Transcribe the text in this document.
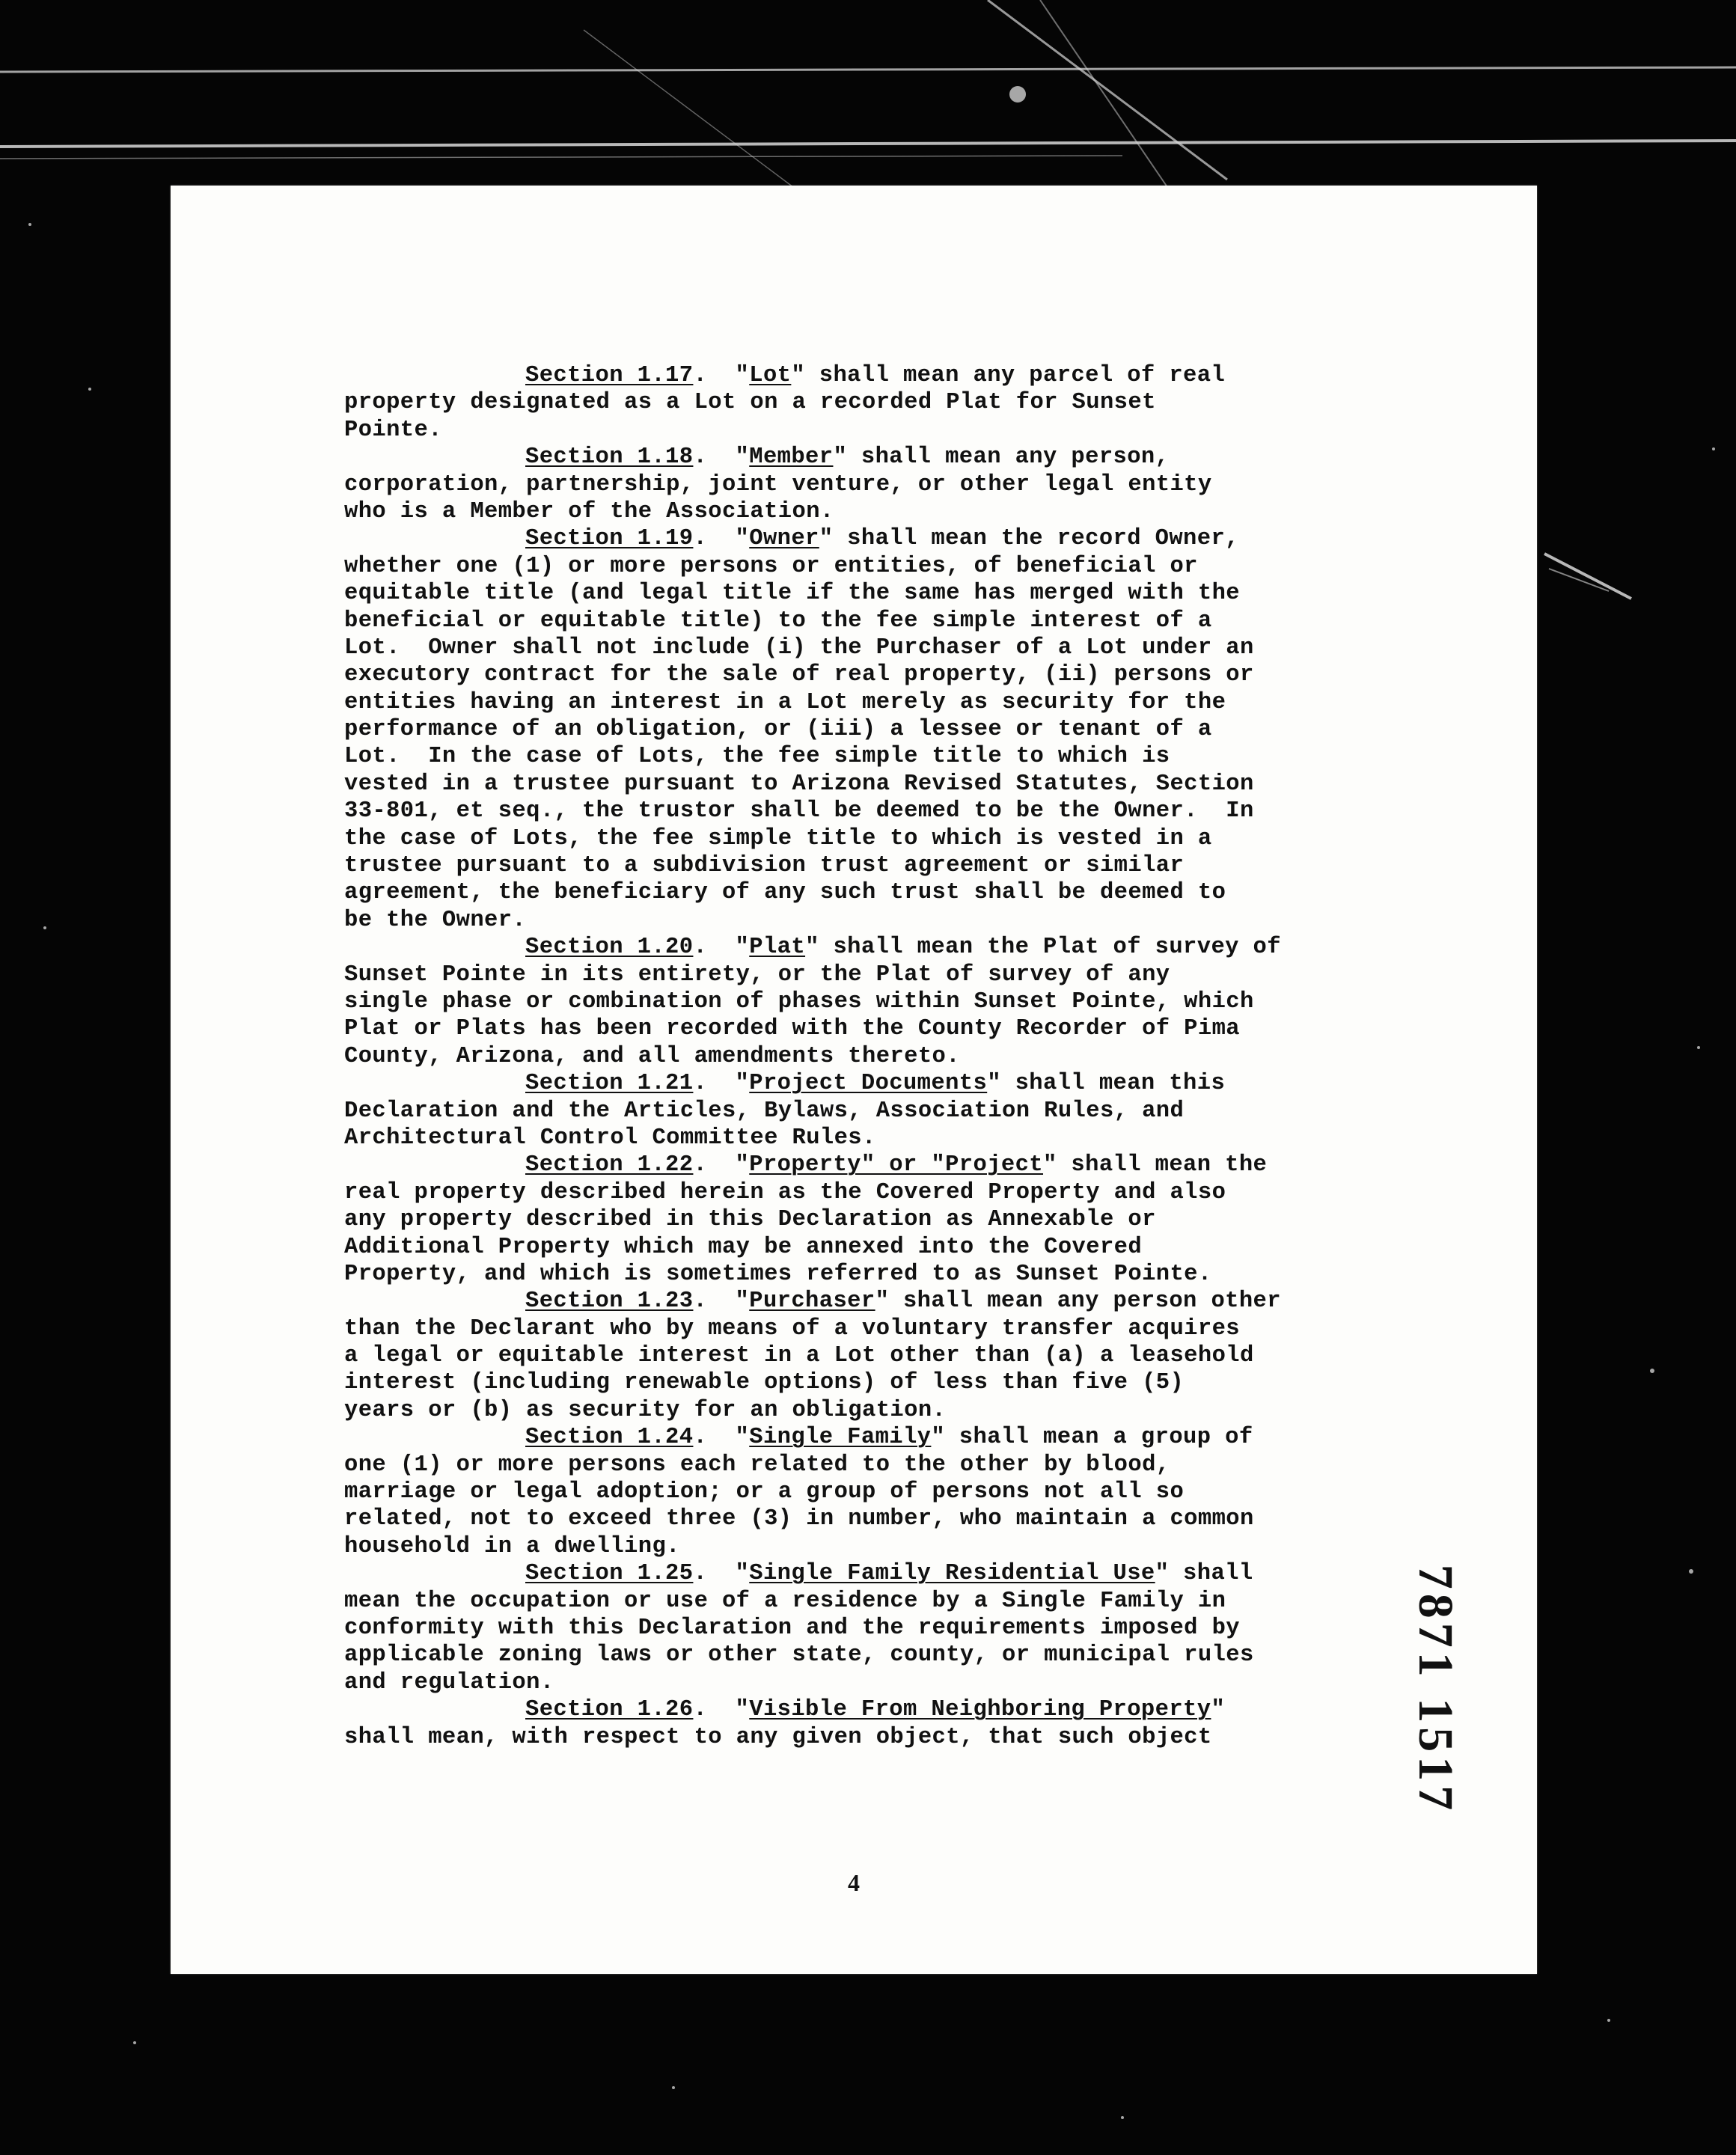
Section 1.17.  "Lot" shall mean any parcel of real
property designated as a Lot on a recorded Plat for Sunset
Pointe.
Section 1.18.  "Member" shall mean any person,
corporation, partnership, joint venture, or other legal entity
who is a Member of the Association.
Section 1.19.  "Owner" shall mean the record Owner,
whether one (1) or more persons or entities, of beneficial or
equitable title (and legal title if the same has merged with the
beneficial or equitable title) to the fee simple interest of a
Lot.  Owner shall not include (i) the Purchaser of a Lot under an
executory contract for the sale of real property, (ii) persons or
entities having an interest in a Lot merely as security for the
performance of an obligation, or (iii) a lessee or tenant of a
Lot.  In the case of Lots, the fee simple title to which is
vested in a trustee pursuant to Arizona Revised Statutes, Section
33-801, et seq., the trustor shall be deemed to be the Owner.  In
the case of Lots, the fee simple title to which is vested in a
trustee pursuant to a subdivision trust agreement or similar
agreement, the beneficiary of any such trust shall be deemed to
be the Owner.
Section 1.20.  "Plat" shall mean the Plat of survey of
Sunset Pointe in its entirety, or the Plat of survey of any
single phase or combination of phases within Sunset Pointe, which
Plat or Plats has been recorded with the County Recorder of Pima
County, Arizona, and all amendments thereto.
Section 1.21.  "Project Documents" shall mean this
Declaration and the Articles, Bylaws, Association Rules, and
Architectural Control Committee Rules.
Section 1.22.  "Property" or "Project" shall mean the
real property described herein as the Covered Property and also
any property described in this Declaration as Annexable or
Additional Property which may be annexed into the Covered
Property, and which is sometimes referred to as Sunset Pointe.
Section 1.23.  "Purchaser" shall mean any person other
than the Declarant who by means of a voluntary transfer acquires
a legal or equitable interest in a Lot other than (a) a leasehold
interest (including renewable options) of less than five (5)
years or (b) as security for an obligation.
Section 1.24.  "Single Family" shall mean a group of
one (1) or more persons each related to the other by blood,
marriage or legal adoption; or a group of persons not all so
related, not to exceed three (3) in number, who maintain a common
household in a dwelling.
Section 1.25.  "Single Family Residential Use" shall
mean the occupation or use of a residence by a Single Family in
conformity with this Declaration and the requirements imposed by
applicable zoning laws or other state, county, or municipal rules
and regulation.
Section 1.26.  "Visible From Neighboring Property"
shall mean, with respect to any given object, that such object	7871 1517
4
